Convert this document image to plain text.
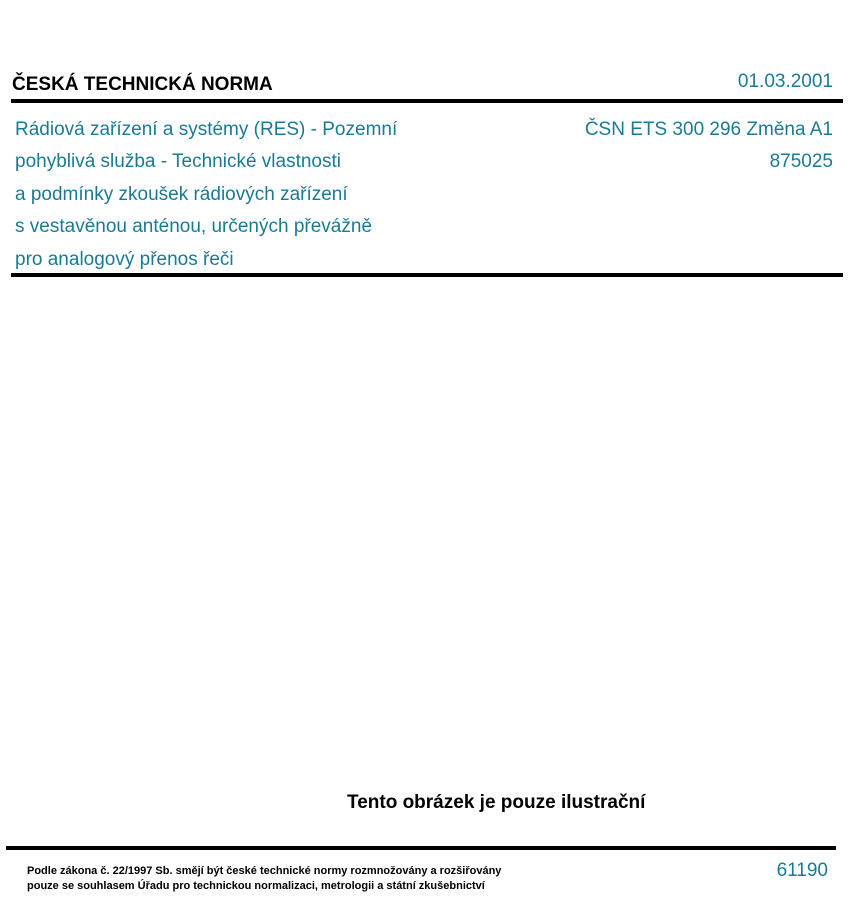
ČESKÁ TECHNICKÁ NORMA	01.03.2001
Rádiová zařízení a systémy (RES) - Pozemní
pohyblivá služba - Technické vlastnosti
a podmínky zkoušek rádiových zařízení
s vestavěnou anténou, určených převážně
pro analogový přenos řeči
ČSN ETS 300 296 Změna A1
875025
Tento obrázek je pouze ilustrační
Podle zákona č. 22/1997 Sb. smějí být české technické normy rozmnožovány a rozšiřovány
pouze se souhlasem Úřadu pro technickou normalizaci, metrologii a státní zkušebnictví
61190
